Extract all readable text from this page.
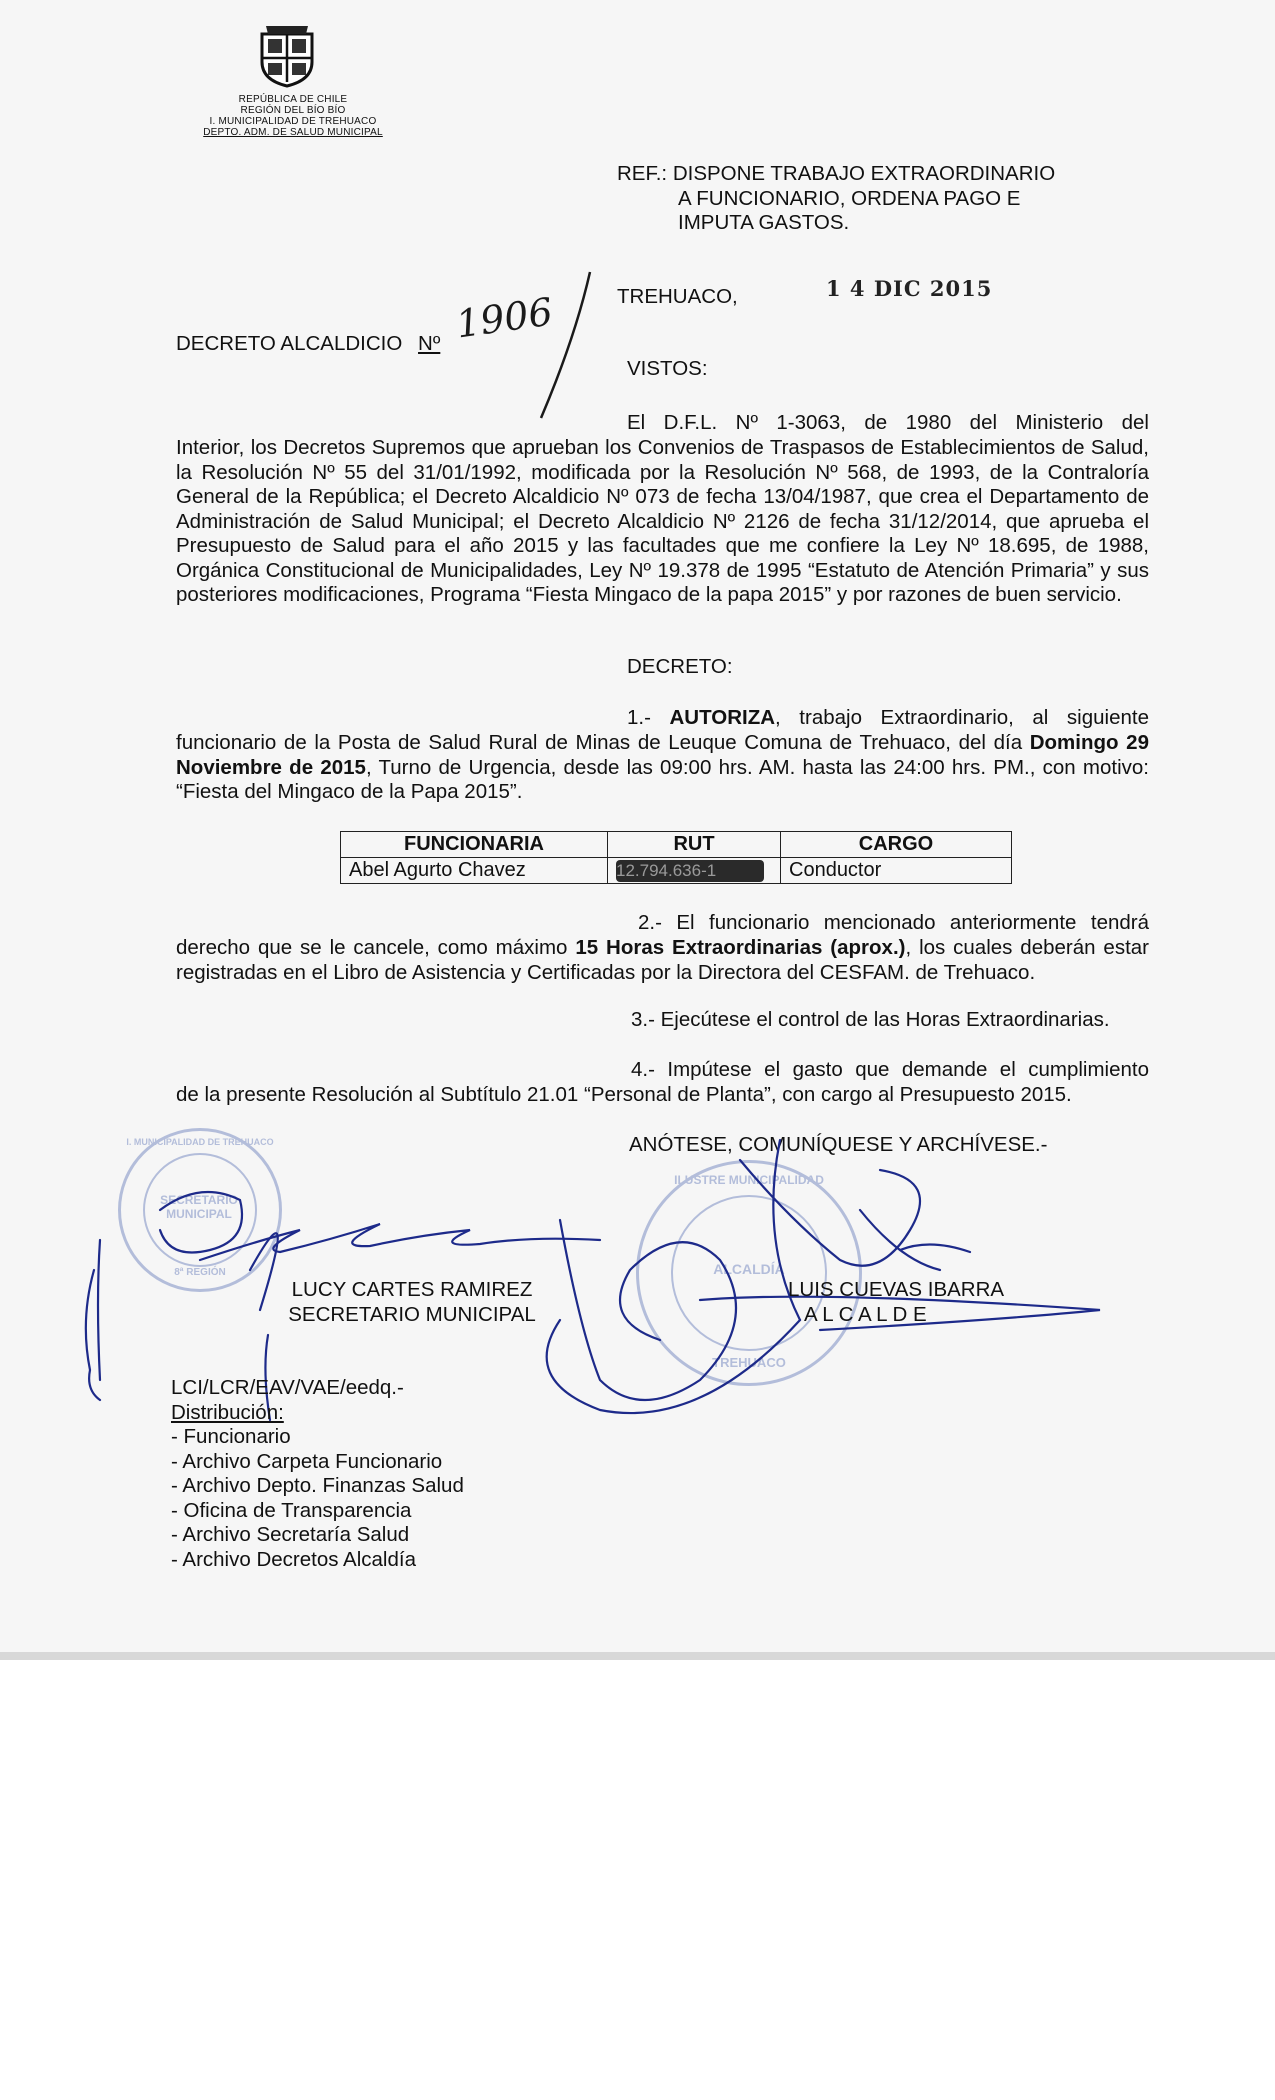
REPÚBLICA DE CHILE
REGIÓN DEL BÍO BÍO
I. MUNICIPALIDAD DE TREHUACO
DEPTO. ADM. DE SALUD MUNICIPAL
REF.: DISPONE TRABAJO EXTRAORDINARIO
A FUNCIONARIO, ORDENA PAGO E
IMPUTA GASTOS.
TREHUACO,	1 4 DIC 2015
DECRETO ALCALDICIO Nº 1906
VISTOS:
El D.F.L. Nº 1-3063, de 1980 del Ministerio del
Interior, los Decretos Supremos que aprueban los Convenios de Traspasos de Establecimientos de Salud, la Resolución Nº 55 del 31/01/1992, modificada por la Resolución Nº 568, de 1993, de la Contraloría General de la República; el Decreto Alcaldicio Nº 073 de fecha 13/04/1987, que crea el Departamento de Administración de Salud Municipal; el Decreto Alcaldicio Nº 2126 de fecha 31/12/2014, que aprueba el Presupuesto de Salud para el año 2015 y las facultades que me confiere la Ley Nº 18.695, de 1988, Orgánica Constitucional de Municipalidades, Ley Nº 19.378 de 1995 “Estatuto de Atención Primaria” y sus posteriores modificaciones, Programa “Fiesta Mingaco de la papa 2015” y por razones de buen servicio.
DECRETO:
1.- AUTORIZA, trabajo Extraordinario, al siguiente
funcionario de la Posta de Salud Rural de Minas de Leuque Comuna de Trehuaco, del día Domingo 29 Noviembre de 2015, Turno de Urgencia, desde las 09:00 hrs. AM. hasta las 24:00 hrs. PM., con motivo: “Fiesta del Mingaco de la Papa 2015”.
FUNCIONARIA	RUT	CARGO
Abel Agurto Chavez	12.794.636-1	Conductor
2.- El funcionario mencionado anteriormente tendrá
derecho que se le cancele, como máximo 15 Horas Extraordinarias (aprox.), los cuales deberán estar registradas en el Libro de Asistencia y Certificadas por la Directora del CESFAM. de Trehuaco.
3.- Ejecútese el control de las Horas Extraordinarias.
4.- Impútese el gasto que demande el cumplimiento
de la presente Resolución al Subtítulo 21.01 “Personal de Planta”, con cargo al Presupuesto 2015.
ANÓTESE, COMUNÍQUESE Y ARCHÍVESE.-
I. MUNICIPALIDAD DE TREHUACO
SECRETARIO MUNICIPAL
8ª REGIÓN
ILUSTRE MUNICIPALIDAD
ALCALDÍA
TREHUACO
LUCY CARTES RAMIREZ
SECRETARIO MUNICIPAL
LUIS CUEVAS IBARRA
A L C A L D E
LCI/LCR/EAV/VAE/eedq.-
Distribución:
- Funcionario
- Archivo Carpeta Funcionario
- Archivo Depto. Finanzas Salud
- Oficina de Transparencia
- Archivo Secretaría Salud
- Archivo Decretos Alcaldía
